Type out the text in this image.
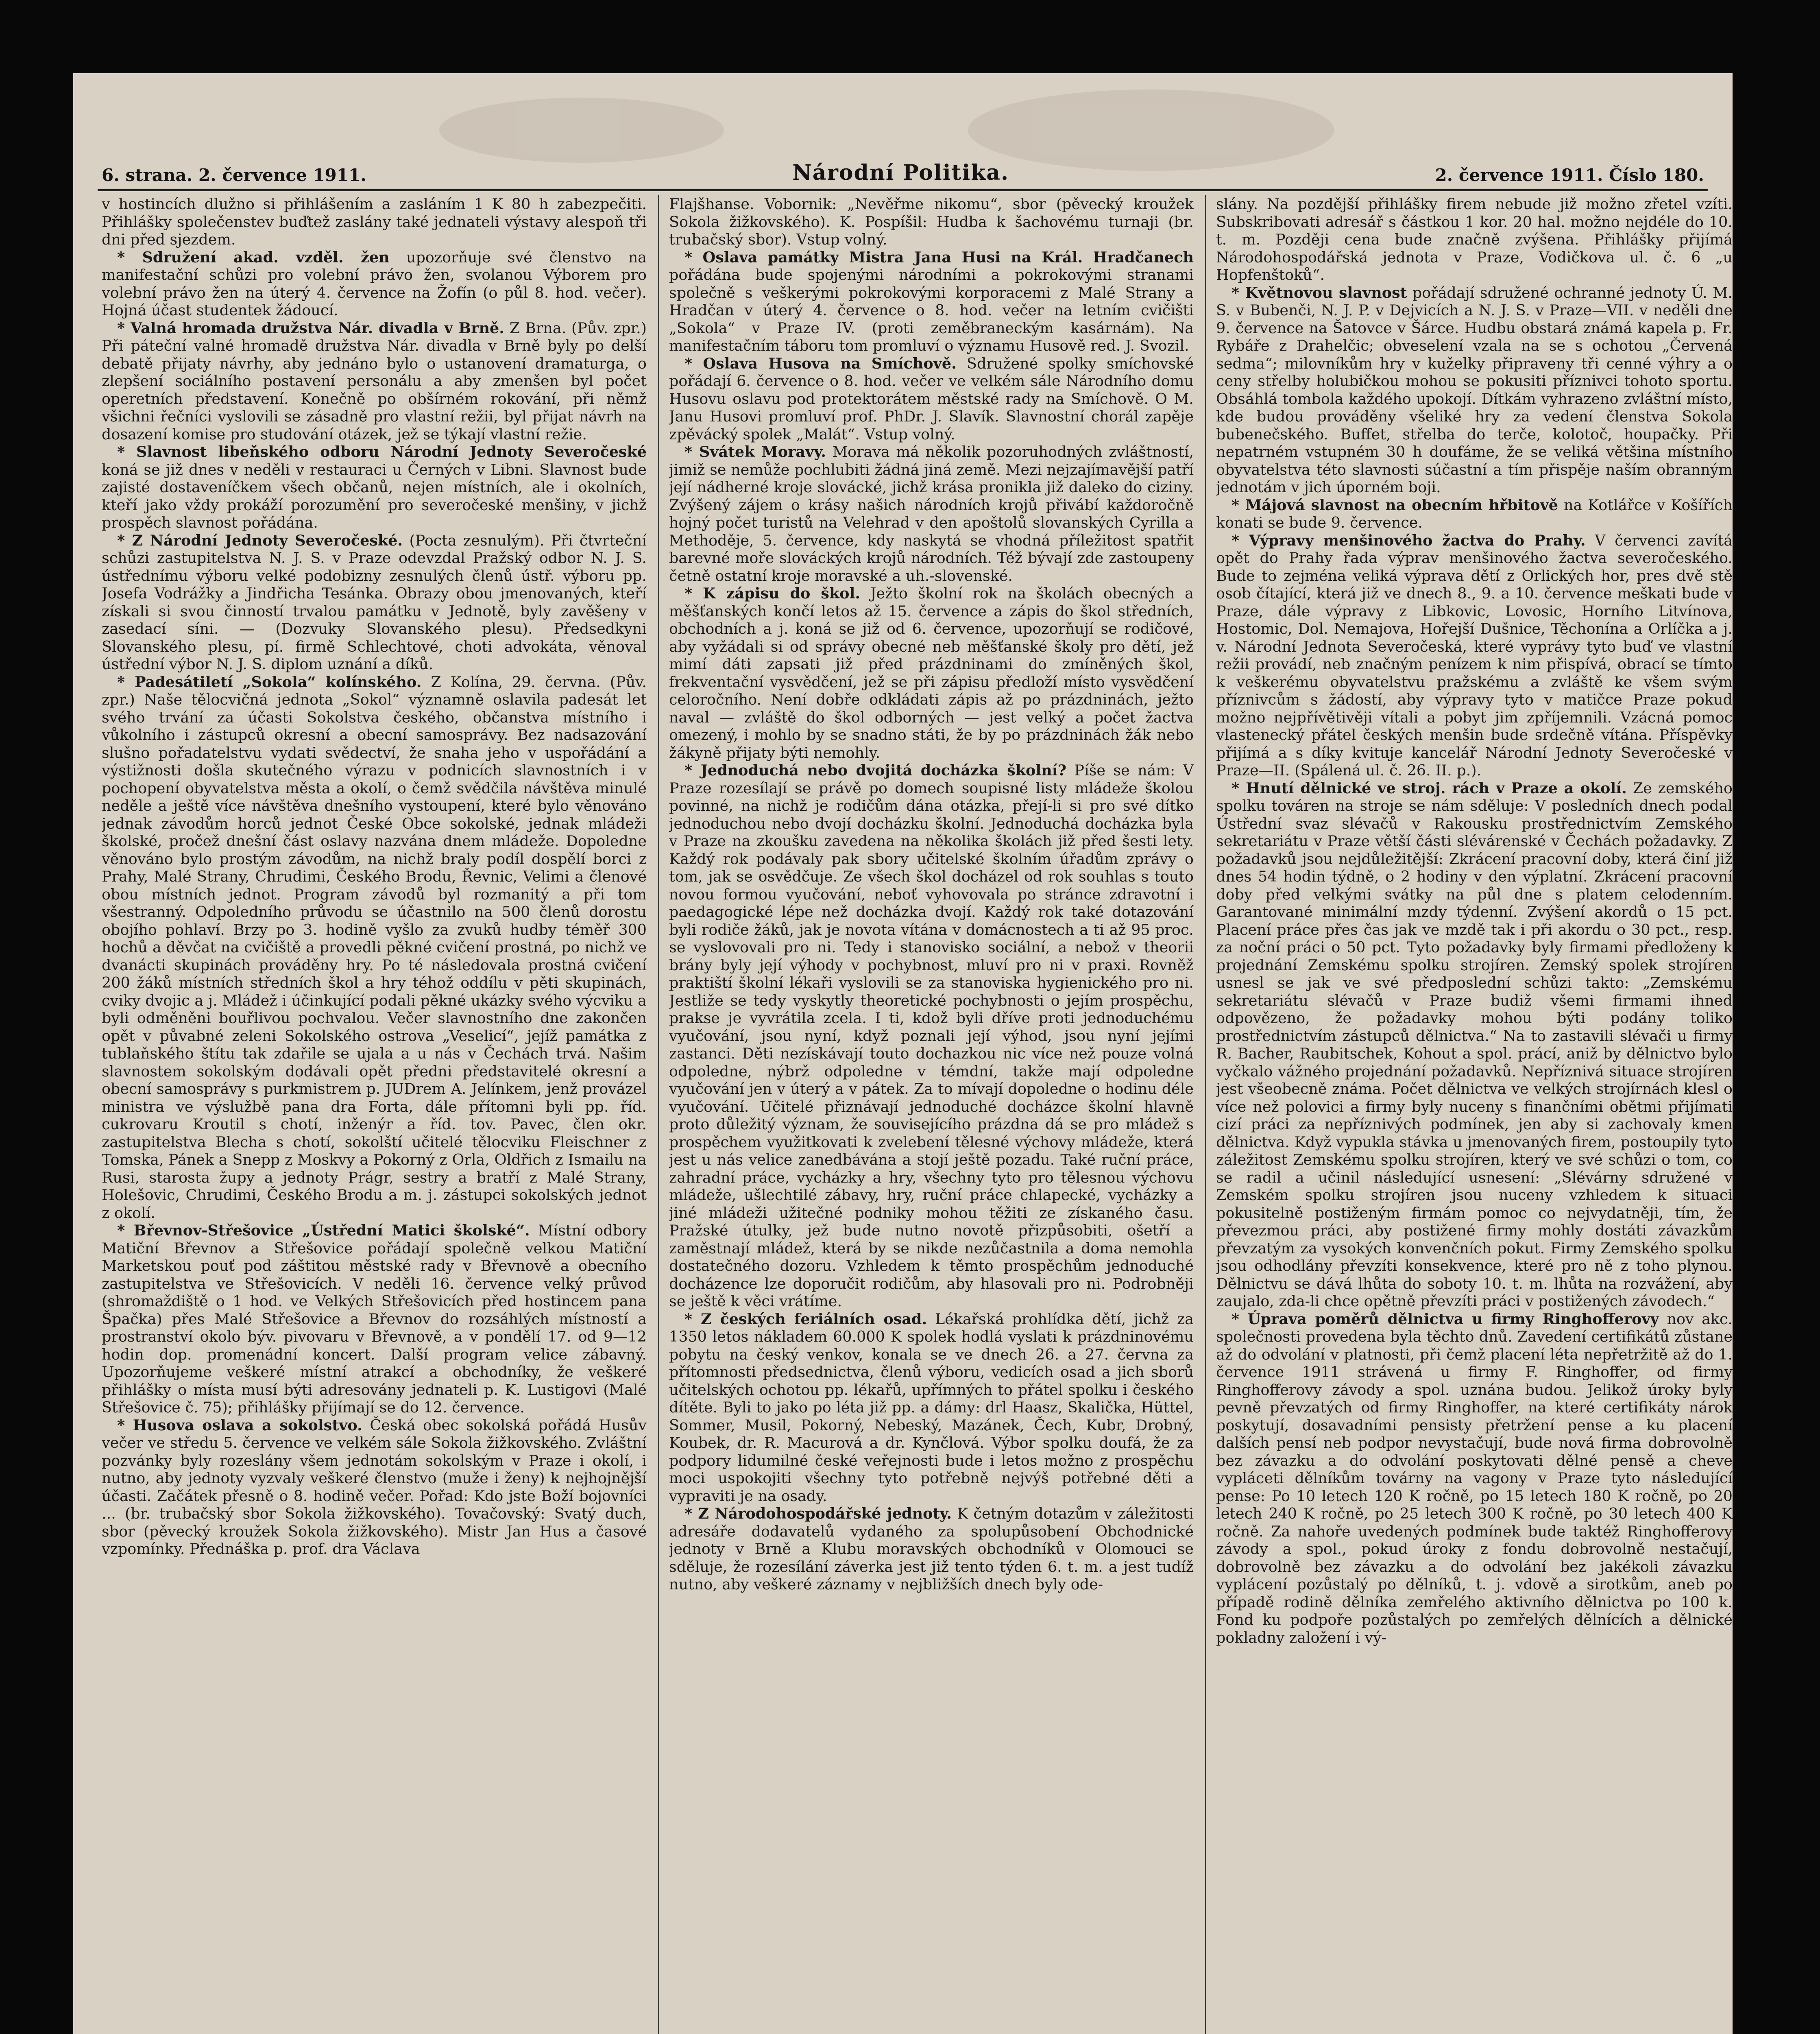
6. strana. 2. července 1911.	Národní Politika.	2. července 1911. Číslo 180.

v hostincích dlužno si přihlášením a zasláním 1 K 80 h zabezpečiti. Přihlášky společenstev buďtež zaslány také jednateli výstavy alespoň tři dni před sjezdem.

* Sdružení akad. vzděl. žen upozorňuje své členstvo na manifestační schůzi pro volební právo žen, svolanou Výborem pro volební právo žen na úterý 4. července na Žofín (o půl 8. hod. večer). Hojná účast studentek žádoucí.

* Valná hromada družstva Nár. divadla v Brně. Z Brna. (Pův. zpr.) Při páteční valné hromadě družstva Nár. divadla v Brně byly po delší debatě přijaty návrhy, aby jednáno bylo o ustanovení dramaturga, o zlepšení sociálního postavení personálu a aby zmenšen byl počet operetních představení. Konečně po obšírném rokování, při němž všichni řečníci vyslovili se zásadně pro vlastní režii, byl přijat návrh na dosazení komise pro studování otázek, jež se týkají vlastní režie.

* Slavnost libeňského odboru Národní Jednoty Severočeské koná se již dnes v neděli v restauraci u Černých v Libni. Slavnost bude zajisté dostaveníčkem všech občanů, nejen místních, ale i okolních, kteří jako vždy prokáží porozumění pro severočeské menšiny, v jichž prospěch slavnost pořádána.

* Z Národní Jednoty Severočeské. (Pocta zesnulým). Při čtvrteční schůzi zastupitelstva N. J. S. v Praze odevzdal Pražský odbor N. J. S. ústřednímu výboru velké podobizny zesnulých členů ústř. výboru pp. Josefa Vodrážky a Jindřicha Tesánka. Obrazy obou jmenovaných, kteří získali si svou činností trvalou památku v Jednotě, byly zavěšeny v zasedací síni. — (Dozvuky Slovanského plesu). Předsedkyni Slovanského plesu, pí. firmě Schlechtové, choti advokáta, věnoval ústřední výbor N. J. S. diplom uznání a díků.

* Padesátiletí „Sokola“ kolínského. Z Kolína, 29. června. (Pův. zpr.) Naše tělocvičná jednota „Sokol“ významně oslavila padesát let svého trvání za účasti Sokolstva českého, občanstva místního i vůkolního i zástupců okresní a obecní samosprávy. Bez nadsazování slušno pořadatelstvu vydati svědectví, že snaha jeho v uspořádání a výstižnosti došla skutečného výrazu v podnicích slavnostních i v pochopení obyvatelstva města a okolí, o čemž svědčila návštěva minulé neděle a ještě více návštěva dnešního vystoupení, které bylo věnováno jednak závodům horců jednot České Obce sokolské, jednak mládeži školské, pročež dnešní část oslavy nazvána dnem mládeže. Dopoledne věnováno bylo prostým závodům, na nichž braly podíl dospělí borci z Prahy, Malé Strany, Chrudimi, Českého Brodu, Řevnic, Velimi a členové obou místních jednot. Program závodů byl rozmanitý a při tom všestranný. Odpoledního průvodu se účastnilo na 500 členů dorostu obojího pohlaví. Brzy po 3. hodině vyšlo za zvuků hudby téměř 300 hochů a děvčat na cvičiště a provedli pěkné cvičení prostná, po nichž ve dvanácti skupinách prováděny hry. Po té následovala prostná cvičení 200 žáků místních středních škol a hry téhož oddílu v pěti skupinách, cviky dvojic a j. Mládež i účinkující podali pěkné ukázky svého výcviku a byli odměněni bouřlivou pochvalou. Večer slavnostního dne zakončen opět v půvabné zeleni Sokolského ostrova „Veselicí“, jejíž památka z tublaňského štítu tak zdařile se ujala a u nás v Čechách trvá. Našim slavnostem sokolským dodávali opět předni představitelé okresní a obecní samosprávy s purkmistrem p. JUDrem A. Jelínkem, jenž provázel ministra ve výslužbě pana dra Forta, dále přítomni byli pp. říd. cukrovaru Kroutil s chotí, inženýr a říd. tov. Pavec, člen okr. zastupitelstva Blecha s chotí, sokolští učitelé tělocviku Fleischner z Tomska, Pánek a Snepp z Moskvy a Pokorný z Orla, Oldřich z Ismailu na Rusi, starosta župy a jednoty Prágr, sestry a bratří z Malé Strany, Holešovic, Chrudimi, Českého Brodu a m. j. zástupci sokolských jednot z okolí.

* Břevnov-Střešovice „Ústřední Matici školské“. Místní odbory Matiční Břevnov a Střešovice pořádají společně velkou Matiční Marketskou pouť pod záštitou městské rady v Břevnově a obecního zastupitelstva ve Střešovicích. V neděli 16. července velký průvod (shromaždiště o 1 hod. ve Velkých Střešovicích před hostincem pana Špačka) přes Malé Střešovice a Břevnov do rozsáhlých místností a prostranství okolo býv. pivovaru v Břevnově, a v pondělí 17. od 9—12 hodin dop. promenádní koncert. Další program velice zábavný. Upozorňujeme veškeré místní atrakcí a obchodníky, že veškeré přihlášky o místa musí býti adresovány jednateli p. K. Lustigovi (Malé Střešovice č. 75); přihlášky přijímají se do 12. července.

* Husova oslava a sokolstvo. Česká obec sokolská pořádá Husův večer ve středu 5. července ve velkém sále Sokola žižkovského. Zvláštní pozvánky byly rozeslány všem jednotám sokolským v Praze i okolí, i nutno, aby jednoty vyzvaly veškeré členstvo (muže i ženy) k nejhojnější účasti. Začátek přesně o 8. hodině večer. Pořad: Kdo jste Boží bojovníci ... (br. trubačský sbor Sokola žižkovského). Tovačovský: Svatý duch, sbor (pěvecký kroužek Sokola žižkovského). Mistr Jan Hus a časové vzpomínky. Přednáška p. prof. dra Václava

Flajšhanse. Vobornik: „Nevěřme nikomu“, sbor (pěvecký kroužek Sokola žižkovského). K. Pospíšil: Hudba k šachovému turnaji (br. trubačský sbor). Vstup volný.

* Oslava památky Mistra Jana Husi na Král. Hradčanech pořádána bude spojenými národními a pokrokovými stranami společně s veškerými pokrokovými korporacemi z Malé Strany a Hradčan v úterý 4. července o 8. hod. večer na letním cvičišti „Sokola“ v Praze IV. (proti zeměbraneckým kasárnám). Na manifestačním táboru tom promluví o významu Husově red. J. Svozil.

* Oslava Husova na Smíchově. Sdružené spolky smíchovské pořádají 6. července o 8. hod. večer ve velkém sále Národního domu Husovu oslavu pod protektorátem městské rady na Smíchově. O M. Janu Husovi promluví prof. PhDr. J. Slavík. Slavnostní chorál zapěje zpěvácký spolek „Malát“. Vstup volný.

* Svátek Moravy. Morava má několik pozoruhodných zvláštností, jimiž se nemůže pochlubiti žádná jiná země. Mezi nejzajímavější patří její nádherné kroje slovácké, jichž krása pronikla již daleko do ciziny. Zvýšený zájem o krásy našich národních krojů přivábí každoročně hojný počet turistů na Velehrad v den apoštolů slovanských Cyrilla a Methoděje, 5. července, kdy naskytá se vhodná příležitost spatřit barevné moře slováckých krojů národních. Též bývají zde zastoupeny četně ostatní kroje moravské a uh.-slovenské.

* K zápisu do škol. Ježto školní rok na školách obecných a měšťanských končí letos až 15. července a zápis do škol středních, obchodních a j. koná se již od 6. července, upozorňují se rodičové, aby vyžádali si od správy obecné neb měšťanské školy pro dětí, jež mimí dáti zapsati již před prázdninami do zmíněných škol, frekventační vysvědčení, jež se při zápisu předloží místo vysvědčení celoročního. Není dobře odkládati zápis až po prázdninách, ježto naval — zvláště do škol odborných — jest velký a počet žactva omezený, i mohlo by se snadno státi, že by po prázdninách žák nebo žákyně přijaty býti nemohly.

* Jednoduchá nebo dvojitá docházka školní? Píše se nám: V Praze rozesílají se právě po domech soupisné listy mládeže školou povinné, na nichž je rodičům dána otázka, přejí-li si pro své dítko jednoduchou nebo dvojí docházku školní. Jednoduchá docházka byla v Praze na zkoušku zavedena na několika školách již před šesti lety. Každý rok podávaly pak sbory učitelské školním úřadům zprávy o tom, jak se osvědčuje. Ze všech škol docházel od rok souhlas s touto novou formou vyučování, neboť vyhovovala po stránce zdravotní i paedagogické lépe než docházka dvojí. Každý rok také dotazování byli rodiče žáků, jak je novota vítána v domácnostech a ti až 95 proc. se vyslovovali pro ni. Tedy i stanovisko sociální, a nebož v theorii brány byly její výhody v pochybnost, mluví pro ni v praxi. Rovněž praktiští školní lékaři vyslovili se za stanoviska hygienického pro ni. Jestliže se tedy vyskytly theoretické pochybnosti o jejím prospěchu, prakse je vyvrátila zcela. I ti, kdož byli dříve proti jednoduchému vyučování, jsou nyní, když poznali její výhod, jsou nyní jejími zastanci. Děti nezískávají touto dochazkou nic více než pouze volná odpoledne, nýbrž odpoledne v témdní, takže mají odpoledne vyučování jen v úterý a v pátek. Za to mívají dopoledne o hodinu déle vyučování. Učitelé přiznávají jednoduché docházce školní hlavně proto důležitý význam, že souvisejícího prázdna dá se pro mládež s prospěchem využitkovati k zvelebení tělesné výchovy mládeže, která jest u nás velice zanedbávána a stojí ještě pozadu. Také ruční práce, zahradní práce, vycházky a hry, všechny tyto pro tělesnou výchovu mládeže, ušlechtilé zábavy, hry, ruční práce chlapecké, vycházky a jiné mládeži užitečné podniky mohou těžiti ze získaného času. Pražské útulky, jež bude nutno novotě přizpůsobiti, ošetří a zaměstnají mládež, která by se nikde nezůčastnila a doma nemohla dostatečného dozoru. Vzhledem k těmto prospěchům jednoduché docházence lze doporučit rodičům, aby hlasovali pro ni. Podrobněji se ještě k věci vrátíme.

* Z českých feriálních osad. Lékařská prohlídka dětí, jichž za 1350 letos nákladem 60.000 K spolek hodlá vyslati k prázdninovému pobytu na český venkov, konala se ve dnech 26. a 27. června za přítomnosti předsednictva, členů výboru, vedicích osad a jich sborů učitelských ochotou pp. lékařů, upřímných to přátel spolku i českého dítěte. Byli to jako po léta již pp. a dámy: drl Haasz, Skalička, Hüttel, Sommer, Musil, Pokorný, Nebeský, Mazánek, Čech, Kubr, Drobný, Koubek, dr. R. Macurová a dr. Kynčlová. Výbor spolku doufá, že za podpory lidumilné české veřejnosti bude i letos možno z prospěchu moci uspokojiti všechny tyto potřebně nejvýš potřebné děti a vypraviti je na osady.

* Z Národohospodářské jednoty. K četným dotazům v záležitosti adresáře dodavatelů vydaného za spolupůsobení Obchodnické jednoty v Brně a Klubu moravských obchodníků v Olomouci se sděluje, že rozesílání záverka jest již tento týden 6. t. m. a jest tudíž nutno, aby veškeré záznamy v nejbližších dnech byly ode-

slány. Na pozdější přihlášky firem nebude již možno zřetel vzíti. Subskribovati adresář s částkou 1 kor. 20 hal. možno nejdéle do 10. t. m. Později cena bude značně zvýšena. Přihlášky přijímá Národohospodářská jednota v Praze, Vodičkova ul. č. 6 „u Hopfenštoků“.

* Květnovou slavnost pořádají sdružené ochranné jednoty Ú. M. S. v Bubenči, N. J. P. v Dejvicích a N. J. S. v Praze—VII. v neděli dne 9. července na Šatovce v Šárce. Hudbu obstará známá kapela p. Fr. Rybáře z Drahelčic; obveselení vzala na se s ochotou „Červená sedma“; milovníkům hry v kuželky připraveny tři cenné výhry a o ceny střelby holubičkou mohou se pokusiti příznivci tohoto sportu. Obsáhlá tombola každého upokojí. Dítkám vyhrazeno zvláštní místo, kde budou prováděny všeliké hry za vedení členstva Sokola bubenečského. Buffet, střelba do terče, kolotoč, houpačky. Při nepatrném vstupném 30 h doufáme, že se veliká většina místního obyvatelstva této slavnosti súčastní a tím přispěje naším obranným jednotám v jich úporném boji.

* Májová slavnost na obecním hřbitově na Kotlářce v Košířích konati se bude 9. července.

* Výpravy menšinového žactva do Prahy. V červenci zavítá opět do Prahy řada výprav menšinového žactva severočeského. Bude to zejména veliká výprava dětí z Orlických hor, pres dvě stě osob čítající, která již ve dnech 8., 9. a 10. července meškati bude v Praze, dále výpravy z Libkovic, Lovosic, Horního Litvínova, Hostomic, Dol. Nemajova, Hořejší Dušnice, Těchonína a Orlíčka a j. v. Národní Jednota Severočeská, které vyprávy tyto buď ve vlastní režii provádí, neb značným penízem k nim přispívá, obrací se tímto k veškerému obyvatelstvu pražskému a zvláště ke všem svým příznivcům s žádostí, aby výpravy tyto v matičce Praze pokud možno nejpřívětivěji vítali a pobyt jim zpříjemnili. Vzácná pomoc vlastenecký přátel českých menšin bude srdečně vítána. Příspěvky přijímá a s díky kvituje kancelář Národní Jednoty Severočeské v Praze—II. (Spálená ul. č. 26. II. p.).

* Hnutí dělnické ve stroj. rách v Praze a okolí. Ze zemského spolku továren na stroje se nám sděluje: V posledních dnech podal Ústřední svaz slévačů v Rakousku prostřednictvím Zemského sekretariátu v Praze větší části slévárenské v Čechách požadavky. Z požadavků jsou nejdůležitější: Zkrácení pracovní doby, která činí již dnes 54 hodin týdně, o 2 hodiny v den výplatní. Zkrácení pracovní doby před velkými svátky na půl dne s platem celodenním. Garantované minimální mzdy týdenní. Zvýšení akordů o 15 pct. Placení práce přes čas jak ve mzdě tak i při akordu o 30 pct., resp. za noční práci o 50 pct. Tyto požadavky byly firmami předloženy k projednání Zemskému spolku strojíren. Zemský spolek strojíren usnesl se jak ve své předposlední schůzi takto: „Zemskému sekretariátu slévačů v Praze budiž všemi firmami ihned odpovězeno, že požadavky mohou býti podány toliko prostřednictvím zástupců dělnictva.“ Na to zastavili slévači u firmy R. Bacher, Raubitschek, Kohout a spol. prácí, aniž by dělnictvo bylo vyčkalo vážného projednání požadavků. Nepříznivá situace strojíren jest všeobecně známa. Počet dělnictva ve velkých strojírnách klesl o více než polovici a firmy byly nuceny s finančními obětmi přijímati cizí práci za nepříznivých podmínek, jen aby si zachovaly kmen dělnictva. Když vypukla stávka u jmenovaných firem, postoupily tyto záležitost Zemskému spolku strojíren, který ve své schůzi o tom, co se radil a učinil následující usnesení: „Slévárny sdružené v Zemském spolku strojíren jsou nuceny vzhledem k situaci pokusitelně postiženým firmám pomoc co nejvydatněji, tím, že převezmou práci, aby postižené firmy mohly dostáti závazkům převzatým za vysokých konvenčních pokut. Firmy Zemského spolku jsou odhodlány převzíti konsekvence, které pro ně z toho plynou. Dělnictvu se dává lhůta do soboty 10. t. m. lhůta na rozvážení, aby zaujalo, zda-li chce opětně převzíti práci v postižených závodech.“

* Úprava poměrů dělnictva u firmy Ringhofferovy nov akc. společnosti provedena byla těchto dnů. Zavedení certifikátů zůstane až do odvolání v platnosti, při čemž placení léta nepřetržitě až do 1. července 1911 strávená u firmy F. Ringhoffer, od firmy Ringhofferovy závody a spol. uznána budou. Jelikož úroky byly pevně převzatých od firmy Ringhoffer, na které certifikáty nárok poskytují, dosavadními pensisty přetržení pense a ku placení dalších pensí neb podpor nevystačují, bude nová firma dobrovolně bez závazku a do odvolání poskytovati dělné pensě a cheve vypláceti dělníkům továrny na vagony v Praze tyto následující pense: Po 10 letech 120 K ročně, po 15 letech 180 K ročně, po 20 letech 240 K ročně, po 25 letech 300 K ročně, po 30 letech 400 K ročně. Za nahoře uvedených podmínek bude taktéž Ringhofferovy závody a spol., pokud úroky z fondu dobrovolně nestačují, dobrovolně bez závazku a do odvolání bez jakékoli závazku vyplácení pozůstalý po dělníků, t. j. vdově a sirotkům, aneb po případě rodině dělníka zemřelého aktivního dělnictva po 100 k. Fond ku podpoře pozůstalých po zemřelých dělnících a dělnické pokladny založení i vý-
